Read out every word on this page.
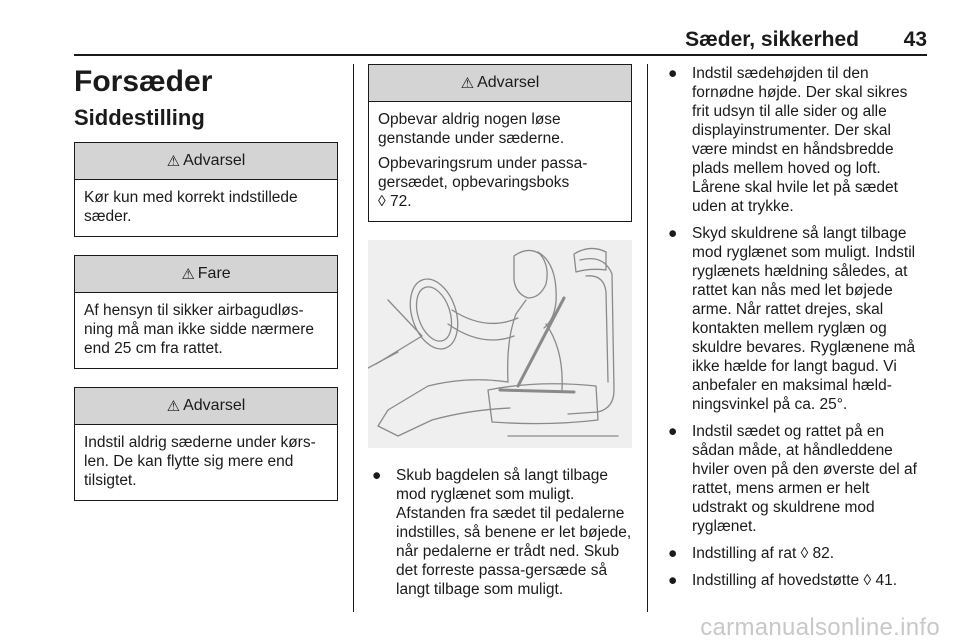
Sæder, sikkerhed 43
Forsæder
Siddestilling
⚠ Advarsel

Kør kun med korrekt indstillede sæder.

⚠ Fare

Af hensyn til sikker airbagudløs-ning må man ikke sidde nærmere end 25 cm fra rattet.

⚠ Advarsel

Indstil aldrig sæderne under kørs-len. De kan flytte sig mere end tilsigtet.

⚠ Advarsel

Opbevar aldrig nogen løse genstande under sæderne.

Opbevaringsrum under passa-gersædet, opbevaringsboks
◊ 72.

● Skub bagdelen så langt tilbage mod ryglænet som muligt. Afstanden fra sædet til pedalerne indstilles, så benene er let bøjede, når pedalerne er trådt ned. Skub det forreste passa-gersæde så langt tilbage som muligt.
● Indstil sædehøjden til den fornødne højde. Der skal sikres frit udsyn til alle sider og alle displayinstrumenter. Der skal være mindst en håndsbredde plads mellem hoved og loft. Lårene skal hvile let på sædet uden at trykke.
● Skyd skuldrene så langt tilbage mod ryglænet som muligt. Indstil ryglænets hældning således, at rattet kan nås med let bøjede arme. Når rattet drejes, skal kontakten mellem ryglæn og skuldre bevares. Ryglænene må ikke hælde for langt bagud. Vi anbefaler en maksimal hæld-ningsvinkel på ca. 25°.
● Indstil sædet og rattet på en sådan måde, at håndleddene hviler oven på den øverste del af rattet, mens armen er helt udstrakt og skuldrene mod ryglænet.
● Indstilling af rat ◊ 82.
● Indstilling af hovedstøtte ◊ 41.
carmanualsonline.info
